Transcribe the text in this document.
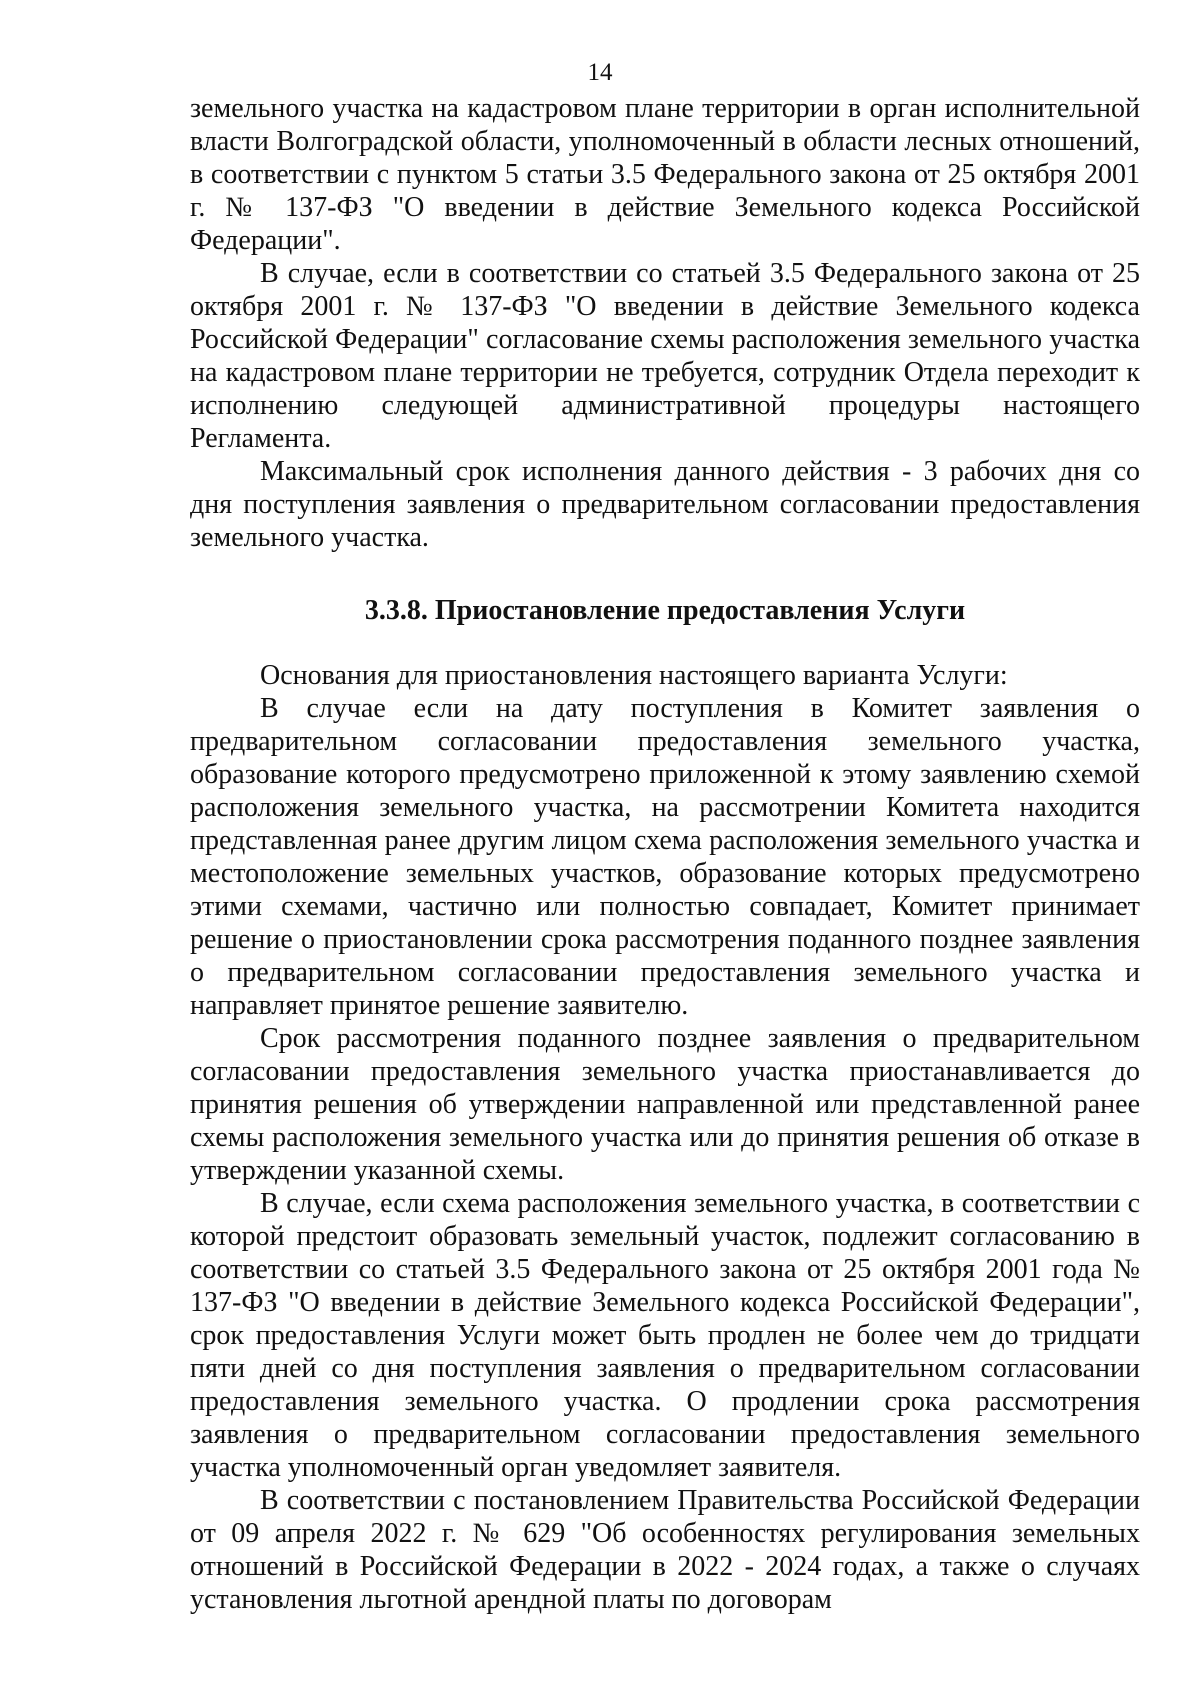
14

земельного участка на кадастровом плане территории в орган исполнительной власти Волгоградской области, уполномоченный в области лесных отношений, в соответствии с пунктом 5 статьи 3.5 Федерального закона от 25 октября 2001 г. № 137-ФЗ "О введении в действие Земельного кодекса Российской Федерации".

В случае, если в соответствии со статьей 3.5 Федерального закона от 25 октября 2001 г. № 137-ФЗ "О введении в действие Земельного кодекса Российской Федерации" согласование схемы расположения земельного участка на кадастровом плане территории не требуется, сотрудник Отдела переходит к исполнению следующей административной процедуры настоящего Регламента.

Максимальный срок исполнения данного действия - 3 рабочих дня со дня поступления заявления о предварительном согласовании предоставления земельного участка.

3.3.8. Приостановление предоставления Услуги

Основания для приостановления настоящего варианта Услуги:

В случае если на дату поступления в Комитет заявления о предварительном согласовании предоставления земельного участка, образование которого предусмотрено приложенной к этому заявлению схемой расположения земельного участка, на рассмотрении Комитета находится представленная ранее другим лицом схема расположения земельного участка и местоположение земельных участков, образование которых предусмотрено этими схемами, частично или полностью совпадает, Комитет принимает решение о приостановлении срока рассмотрения поданного позднее заявления о предварительном согласовании предоставления земельного участка и направляет принятое решение заявителю.

Срок рассмотрения поданного позднее заявления о предварительном согласовании предоставления земельного участка приостанавливается до принятия решения об утверждении направленной или представленной ранее схемы расположения земельного участка или до принятия решения об отказе в утверждении указанной схемы.

В случае, если схема расположения земельного участка, в соответствии с которой предстоит образовать земельный участок, подлежит согласованию в соответствии со статьей 3.5 Федерального закона от 25 октября 2001 года № 137-ФЗ "О введении в действие Земельного кодекса Российской Федерации", срок предоставления Услуги может быть продлен не более чем до тридцати пяти дней со дня поступления заявления о предварительном согласовании предоставления земельного участка. О продлении срока рассмотрения заявления о предварительном согласовании предоставления земельного участка уполномоченный орган уведомляет заявителя.

В соответствии с постановлением Правительства Российской Федерации от 09 апреля 2022 г. № 629 "Об особенностях регулирования земельных отношений в Российской Федерации в 2022 - 2024 годах, а также о случаях установления льготной арендной платы по договорам
